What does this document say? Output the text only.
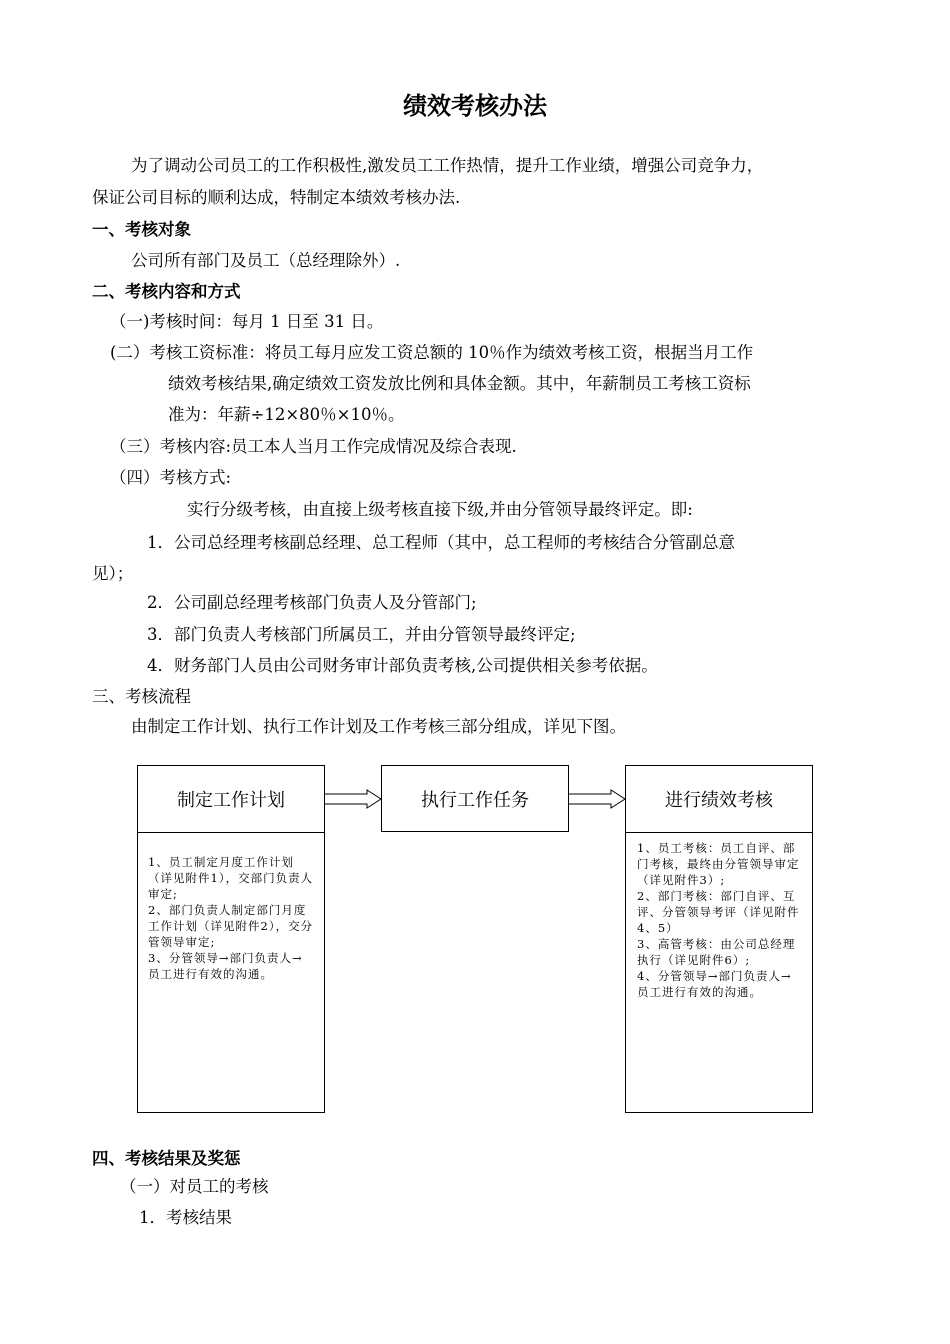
绩效考核办法
为了调动公司员工的工作积极性,激发员工工作热情，提升工作业绩，增强公司竞争力，
保证公司目标的顺利达成，特制定本绩效考核办法.
一、考核对象
公司所有部门及员工（总经理除外）.
二、考核内容和方式
（一)考核时间：每月 1 日至 31 日。
(二）考核工资标准：将员工每月应发工资总额的 10％作为绩效考核工资，根据当月工作
绩效考核结果,确定绩效工资发放比例和具体金额。其中，年薪制员工考核工资标
准为：年薪÷12×80％×10％。
（三）考核内容:员工本人当月工作完成情况及综合表现.
（四）考核方式:
实行分级考核，由直接上级考核直接下级,并由分管领导最终评定。即:
1．公司总经理考核副总经理、总工程师（其中，总工程师的考核结合分管副总意
见）；
2．公司副总经理考核部门负责人及分管部门;
3．部门负责人考核部门所属员工，并由分管领导最终评定;
4．财务部门人员由公司财务审计部负责考核,公司提供相关参考依据。
三、考核流程
由制定工作计划、执行工作计划及工作考核三部分组成，详见下图。
制定工作计划
1、员工制定月度工作计划（详见附件1），交部门负责人审定;
2、部门负责人制定部门月度工作计划（详见附件2），交分管领导审定;
3、分管领导→部门负责人→员工进行有效的沟通。
执行工作任务	进行绩效考核
1、员工考核：员工自评、部门考核，最终由分管领导审定（详见附件3）;
2、部门考核：部门自评、互评、分管领导考评（详见附件4、5）
3、高管考核：由公司总经理执行（详见附件6）;
4、分管领导→部门负责人→员工进行有效的沟通。
四、考核结果及奖惩
（一）对员工的考核
1．考核结果
